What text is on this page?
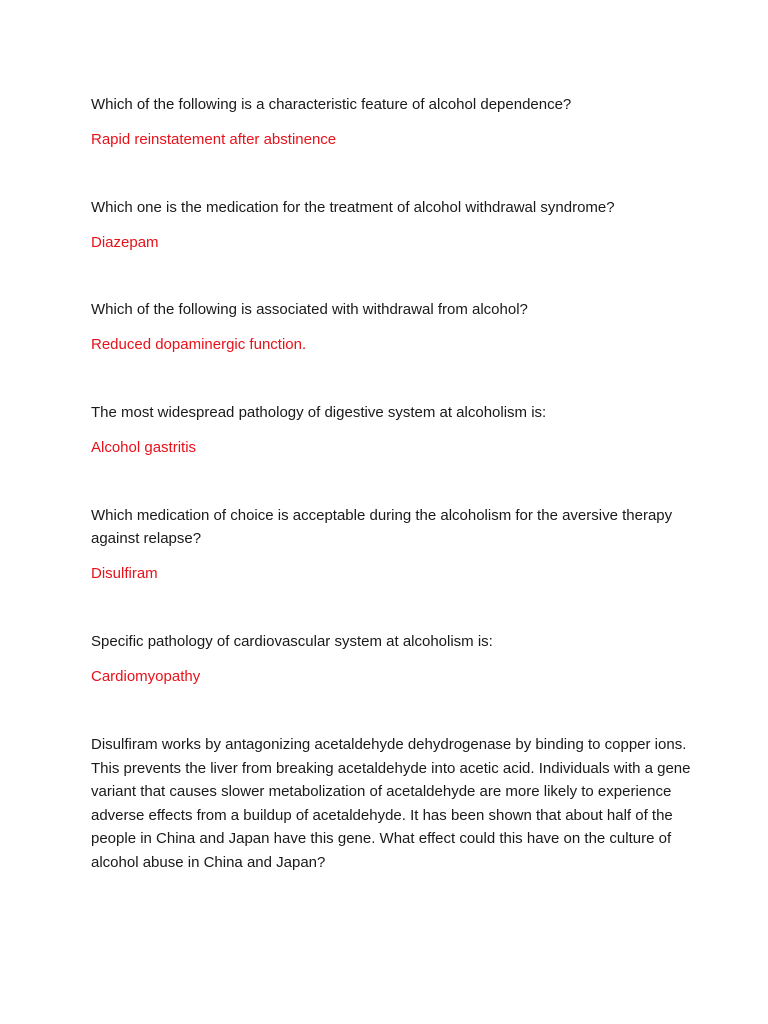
Which of the following is a characteristic feature of alcohol dependence?

Rapid reinstatement after abstinence

Which one is the medication for the treatment of alcohol withdrawal syndrome?

Diazepam

Which of the following is associated with withdrawal from alcohol?

Reduced dopaminergic function.

The most widespread pathology of digestive system at alcoholism is:

Alcohol gastritis

Which medication of choice is acceptable during the alcoholism for the aversive therapy against relapse?

Disulfiram

Specific pathology of cardiovascular system at alcoholism is:

Cardiomyopathy

Disulfiram works by antagonizing acetaldehyde dehydrogenase by binding to copper ions. This prevents the liver from breaking acetaldehyde into acetic acid. Individuals with a gene variant that causes slower metabolization of acetaldehyde are more likely to experience adverse effects from a buildup of acetaldehyde. It has been shown that about half of the people in China and Japan have this gene. What effect could this have on the culture of alcohol abuse in China and Japan?
